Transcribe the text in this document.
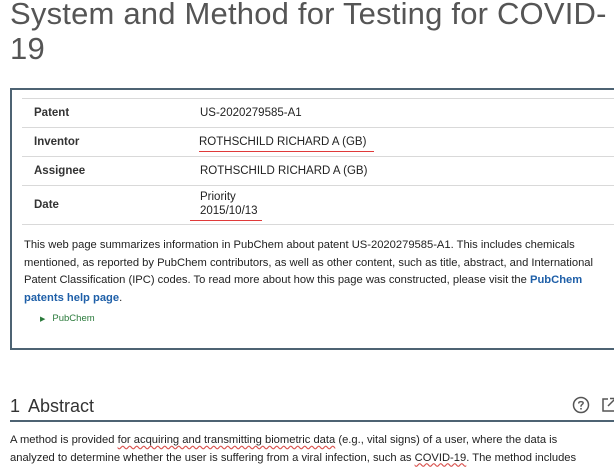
System and Method for Testing for COVID-19
Patent	US-2020279585-A1
Inventor	ROTHSCHILD RICHARD A (GB)
Assignee	ROTHSCHILD RICHARD A (GB)
Date	Priority
2015/10/13

This web page summarizes information in PubChem about patent US-2020279585-A1. This includes chemicals mentioned, as reported by PubChem contributors, as well as other content, such as title, abstract, and International Patent Classification (IPC) codes. To read more about how this page was constructed, please visit the PubChem patents help page.

▶ PubChem
1 Abstract
A method is provided for acquiring and transmitting biometric data (e.g., vital signs) of a user, where the data is
analyzed to determine whether the user is suffering from a viral infection, such as COVID-19. The method includes
